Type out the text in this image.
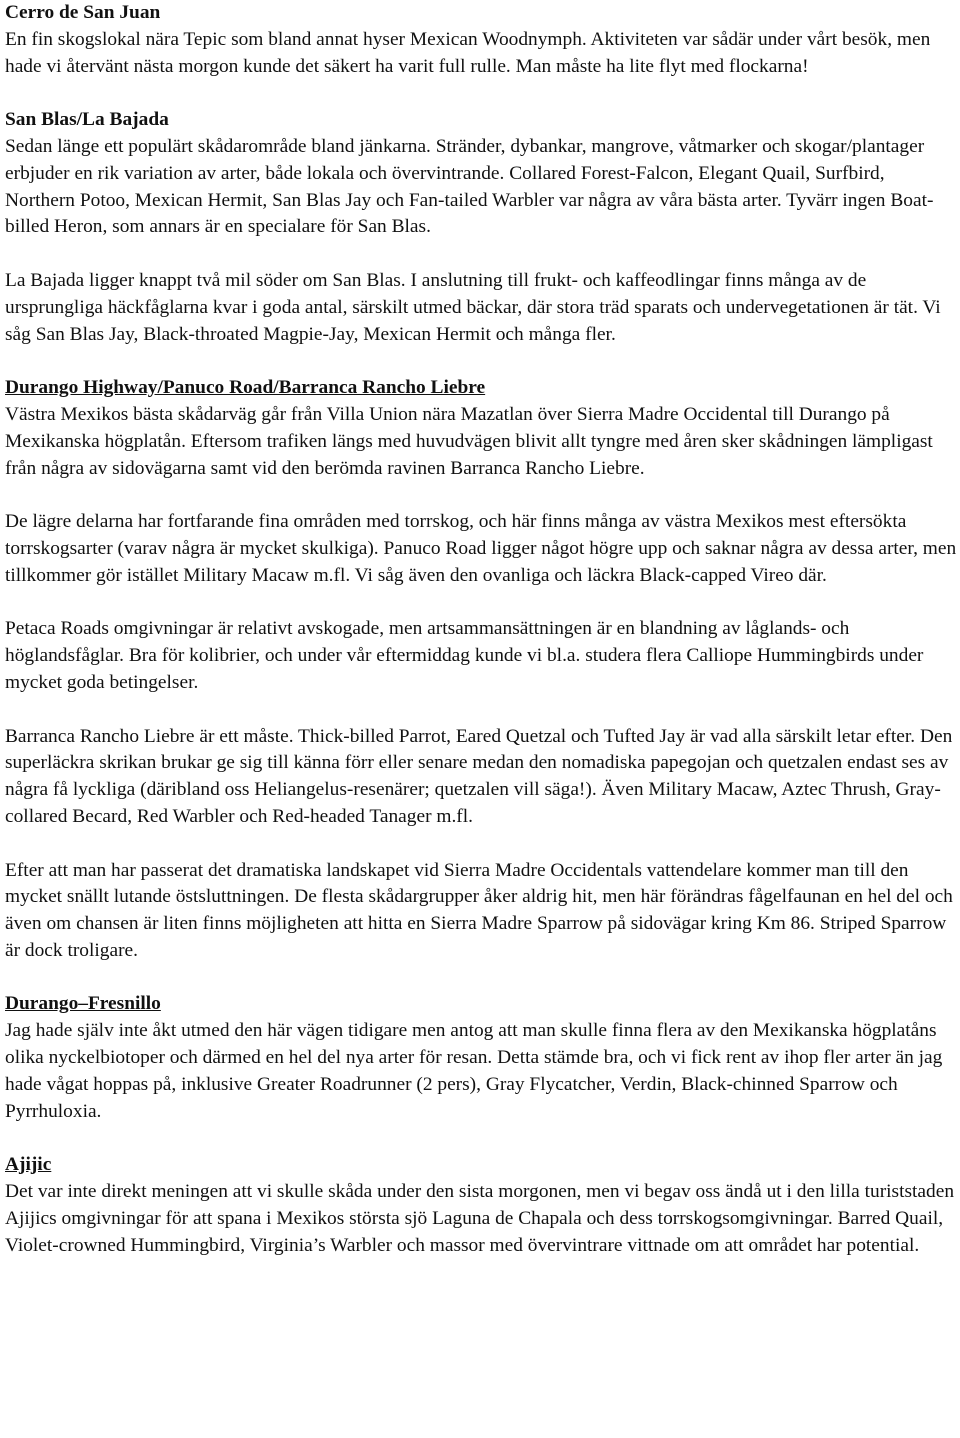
Cerro de San Juan

En fin skogslokal nära Tepic som bland annat hyser Mexican Woodnymph. Aktiviteten var sådär under vårt besök, men hade vi återvänt nästa morgon kunde det säkert ha varit full rulle. Man måste ha lite flyt med flockarna!

San Blas/La Bajada

Sedan länge ett populärt skådarområde bland jänkarna. Stränder, dybankar, mangrove, våtmarker och skogar/plantager erbjuder en rik variation av arter, både lokala och övervintrande. Collared Forest-Falcon, Elegant Quail, Surfbird, Northern Potoo, Mexican Hermit, San Blas Jay och Fan-tailed Warbler var några av våra bästa arter. Tyvärr ingen Boat-billed Heron, som annars är en specialare för San Blas.

La Bajada ligger knappt två mil söder om San Blas. I anslutning till frukt- och kaffeodlingar finns många av de ursprungliga häckfåglarna kvar i goda antal, särskilt utmed bäckar, där stora träd sparats och undervegetationen är tät. Vi såg San Blas Jay, Black-throated Magpie-Jay, Mexican Hermit och många fler.

Durango Highway/Panuco Road/Barranca Rancho Liebre

Västra Mexikos bästa skådarväg går från Villa Union nära Mazatlan över Sierra Madre Occidental till Durango på Mexikanska högplatån. Eftersom trafiken längs med huvudvägen blivit allt tyngre med åren sker skådningen lämpligast från några av sidovägarna samt vid den berömda ravinen Barranca Rancho Liebre.

De lägre delarna har fortfarande fina områden med torrskog, och här finns många av västra Mexikos mest eftersökta torrskogsarter (varav några är mycket skulkiga). Panuco Road ligger något högre upp och saknar några av dessa arter, men tillkommer gör istället Military Macaw m.fl. Vi såg även den ovanliga och läckra Black-capped Vireo där.

Petaca Roads omgivningar är relativt avskogade, men artsammansättningen är en blandning av låglands- och höglandsfåglar. Bra för kolibrier, och under vår eftermiddag kunde vi bl.a. studera flera Calliope Hummingbirds under mycket goda betingelser.

Barranca Rancho Liebre är ett måste. Thick-billed Parrot, Eared Quetzal och Tufted Jay är vad alla särskilt letar efter. Den superläckra skrikan brukar ge sig till känna förr eller senare medan den nomadiska papegojan och quetzalen endast ses av några få lyckliga (däribland oss Heliangelus-resenärer; quetzalen vill säga!). Även Military Macaw, Aztec Thrush, Gray-collared Becard, Red Warbler och Red-headed Tanager m.fl.

Efter att man har passerat det dramatiska landskapet vid Sierra Madre Occidentals vattendelare kommer man till den mycket snällt lutande östsluttningen. De flesta skådargrupper åker aldrig hit, men här förändras fågelfaunan en hel del och även om chansen är liten finns möjligheten att hitta en Sierra Madre Sparrow på sidovägar kring Km 86. Striped Sparrow är dock troligare.

Durango–Fresnillo

Jag hade själv inte åkt utmed den här vägen tidigare men antog att man skulle finna flera av den Mexikanska högplatåns olika nyckelbiotoper och därmed en hel del nya arter för resan. Detta stämde bra, och vi fick rent av ihop fler arter än jag hade vågat hoppas på, inklusive Greater Roadrunner (2 pers), Gray Flycatcher, Verdin, Black-chinned Sparrow och Pyrrhuloxia.

Ajijic

Det var inte direkt meningen att vi skulle skåda under den sista morgonen, men vi begav oss ändå ut i den lilla turiststaden Ajijics omgivningar för att spana i Mexikos största sjö Laguna de Chapala och dess torrskogsomgivningar. Barred Quail, Violet-crowned Hummingbird, Virginia’s Warbler och massor med övervintrare vittnade om att området har potential.
